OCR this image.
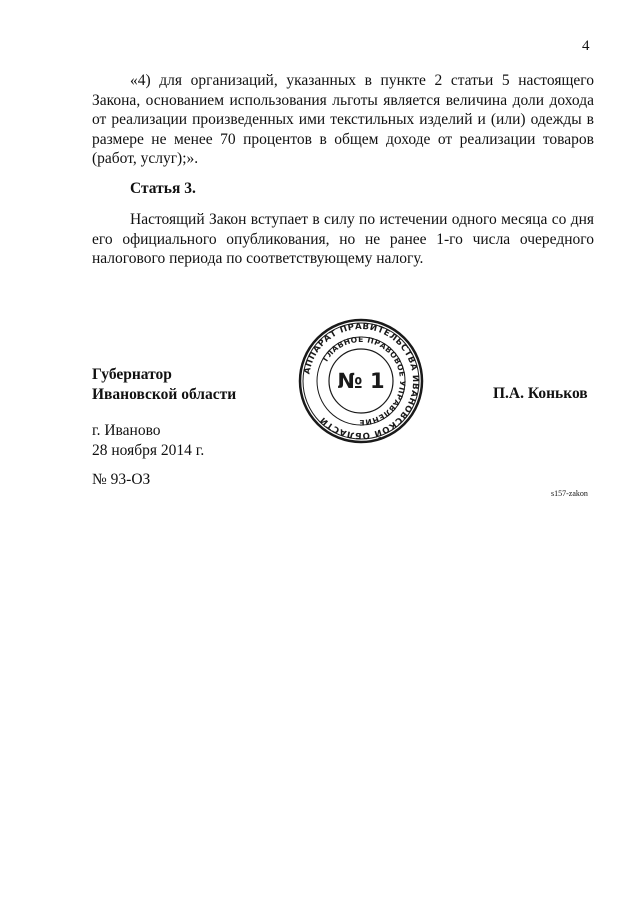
4

«4) для организаций, указанных в пункте 2 статьи 5 настоящего Закона, основанием использования льготы является величина доли дохода от реализации произведенных ими текстильных изделий и (или) одежды в размере не менее 70 процентов в общем доходе от реализации товаров (работ, услуг);».

Статья 3.

Настоящий Закон вступает в силу по истечении одного месяца со дня его официального опубликования, но не ранее 1-го числа очередного налогового периода по соответствующему налогу.

Губернатор
Ивановской области
АППАРАТ ПРАВИТЕЛЬСТВА ИВАНОВСКОЙ ОБЛАСТИ
ГЛАВНОЕ ПРАВОВОЕ УПРАВЛЕНИЕ
№ 1
П.А. Коньков
г. Иваново
28 ноября 2014 г.
№ 93-ОЗ
s157-zakon
